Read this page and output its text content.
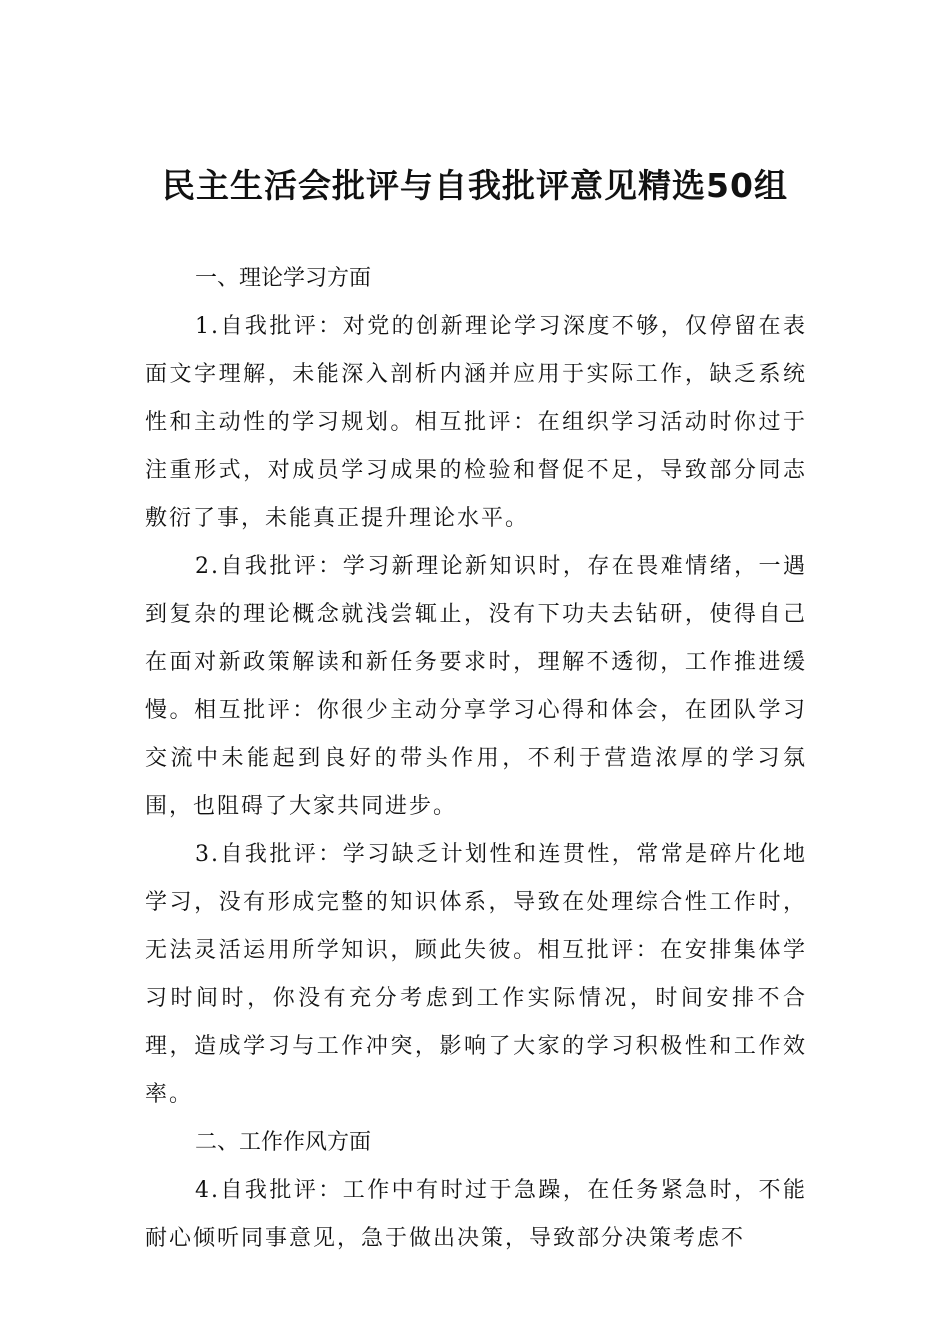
民主生活会批评与自我批评意见精选50组

一、理论学习方面

1.自我批评：对党的创新理论学习深度不够，仅停留在表面文字理解，未能深入剖析内涵并应用于实际工作，缺乏系统性和主动性的学习规划。相互批评：在组织学习活动时你过于注重形式，对成员学习成果的检验和督促不足，导致部分同志敷衍了事，未能真正提升理论水平。

2.自我批评：学习新理论新知识时，存在畏难情绪，一遇到复杂的理论概念就浅尝辄止，没有下功夫去钻研，使得自己在面对新政策解读和新任务要求时，理解不透彻，工作推进缓慢。相互批评：你很少主动分享学习心得和体会，在团队学习交流中未能起到良好的带头作用，不利于营造浓厚的学习氛围，也阻碍了大家共同进步。

3.自我批评：学习缺乏计划性和连贯性，常常是碎片化地学习，没有形成完整的知识体系，导致在处理综合性工作时，无法灵活运用所学知识，顾此失彼。相互批评：在安排集体学习时间时，你没有充分考虑到工作实际情况，时间安排不合理，造成学习与工作冲突，影响了大家的学习积极性和工作效率。

二、工作作风方面

4.自我批评：工作中有时过于急躁，在任务紧急时，不能耐心倾听同事意见，急于做出决策，导致部分决策考虑不
